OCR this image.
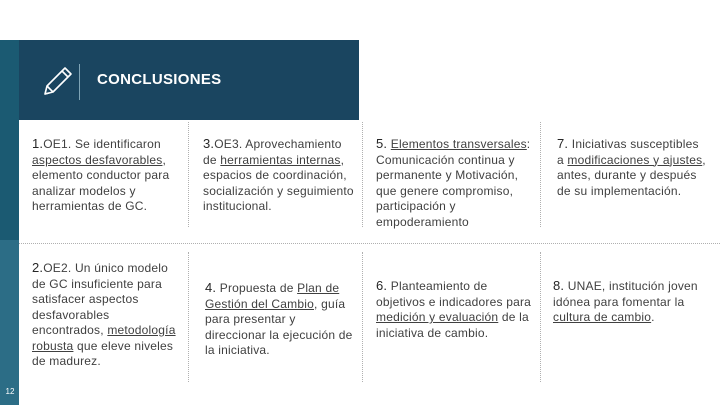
CONCLUSIONES
12
1.OE1. Se identificaron aspectos desfavorables, elemento conductor para analizar modelos y herramientas de GC.
3.OE3. Aprovechamiento de herramientas internas, espacios de coordinación, socialización y seguimiento institucional.
5. Elementos transversales: Comunicación continua y permanente y Motivación, que genere compromiso, participación y empoderamiento
7. Iniciativas susceptibles a modificaciones y ajustes, antes, durante y después de su implementación.
2.OE2. Un único modelo de GC insuficiente para satisfacer aspectos desfavorables encontrados, metodología robusta que eleve niveles de madurez.
4. Propuesta de Plan de Gestión del Cambio, guía para presentar y direccionar la ejecución de la iniciativa.
6. Planteamiento de objetivos e indicadores para medición y evaluación de la iniciativa de cambio.
8. UNAE, institución joven idónea para fomentar la cultura de cambio.
